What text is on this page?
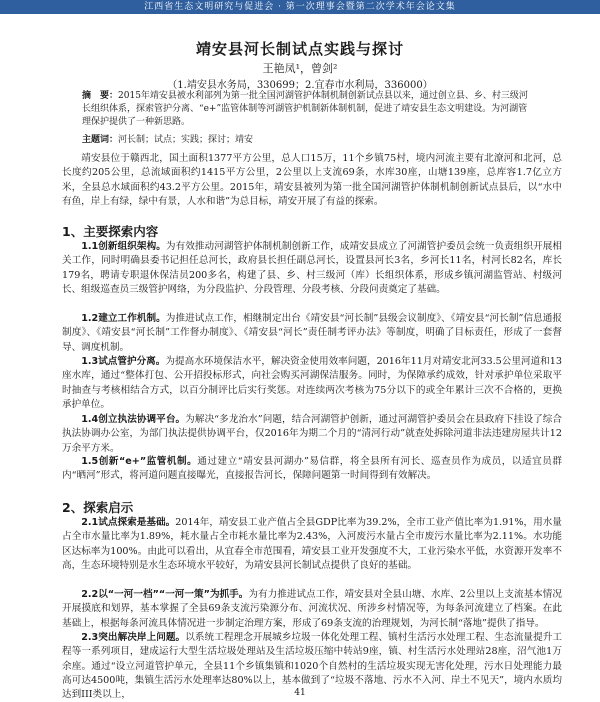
江西省生态文明研究与促进会 · 第一次理事会暨第二次学术年会论文集
靖安县河长制试点实践与探讨
王艳凤¹，曾剑²
（1.靖安县水务局，330699；2.宜春市水利局，336000）
摘　要：2015年靖安县被水利部列为第一批全国河湖管护体制机制创新试点县以来，通过创立县、乡、村三级河长组织体系，探索管护分离、“e+”监管体制等河湖管护机制新体制机制，促进了靖安县生态文明建设。为河湖管理保护提供了一种新思路。
主题词：河长制；试点；实践；探讨；靖安

靖安县位于赣西北，国土面积1377平方公里，总人口15万，11个乡镇75村，境内河流主要有北潦河和北河，总长度约205公里，总流域面积约1415平方公里，2公里以上支流69条，水库30座，山塘139座，总库容1.7亿立方米，全县总水域面积约43.2平方公里。2015年，靖安县被列为第一批全国河湖管护体制机制创新试点县后，以“水中有鱼，岸上有绿，绿中有景，人水和谐”为总目标，靖安开展了有益的探索。

1、主要探索内容

1.1创新组织架构。为有效推动河湖管护体制机制创新工作，成靖安县成立了河湖管护委员会统一负责组织开展相关工作，同时明确县委书记担任总河长，政府县长担任副总河长，设置县河长3名，乡河长11名，村河长82名，库长179名，聘请专职退休保洁员200多名，构建了县、乡、村三级河（库）长组织体系，形成乡镇河湖监管站、村级河长、组级巡查员三级管护网络，为分段监护、分段管理、分段考核、分段问责奠定了基础。

1.2建立工作机制。为推进试点工作，相继制定出台《靖安县“河长制”县级会议制度》、《靖安县“河长制”信息通报制度》、《靖安县“河长制”工作督办制度》、《靖安县“河长”责任制考评办法》等制度，明确了目标责任，形成了一套督导、调度机制。

1.3试点管护分离。为提高水环境保洁水平，解决资金使用效率问题，2016年11月对靖安北河33.5公里河道和13座水库，通过“整体打包、公开招投标形式，向社会购买河湖保洁服务。同时，为保障承约成效，针对承护单位采取平时抽查与考核相结合方式，以百分制评比后实行奖惩。对连续两次考核为75分以下的或全年累计三次不合格的，更换承护单位。

1.4创立执法协调平台。为解决“多龙治水”问题，结合河湖管护创新，通过河湖管护委员会在县政府下挂设了综合执法协调办公室，为部门执法提供协调平台，仅2016年为期二个月的“清河行动”就查处拆除河道非法违建房屋共计12万余平方米。

1.5创新“e+”监管机制。通过建立“靖安县河湖办”易信群，将全县所有河长、巡查员作为成员，以适宜员群内“晒河”形式，将河道问题直接曝光，直接报告河长，保障问题第一时间得到有效解决。

2、探索启示

2.1试点探索是基础。2014年，靖安县工业产值占全县GDP比率为39.2%，全市工业产值比率为1.91%，用水量占全市水量比率为1.89%，耗水量占全市耗水量比率为2.43%，入河废污水量占全市废污水量比率为2.11%。水功能区达标率为100%。由此可以看出，从宜春全市范围看，靖安县工业开发强度不大，工业污染水平低，水资源开发率不高，生态环境特别是水生态环境水平较好，为靖安县河长制试点提供了良好的基础。

2.2以“一河一档”“一河一策”为抓手。为有力推进试点工作，靖安县对全县山塘、水库、2公里以上支流基本情况开展摸底和划界，基本掌握了全县69条支流污染源分布、河流状况、所涉乡村情况等，为每条河流建立了档案。在此基础上，根据每条河流具体情况进一步制定治理方案，形成了69条支流的治理规划，为河长制“落地”提供了指导。

2.3突出解决岸上问题。以系统工程理念开展城乡垃圾一体化处理工程、镇村生活污水处理工程、生态流量提升工程等一系列项目，建成运行大型生活垃圾处理站及生活垃圾压缩中转站9座，镇、村生活污水处理站28座，沼气池1万余座。通过“设立河道管护单元，全县11个乡镇集镇和1020个自然村的生活垃圾实现无害化处理，污水日处理能力最高可达4500吨，集镇生活污水处理率达80%以上，基本做到了“垃圾不落地、污水不入河、岸土不见天”，境内水质均达到III类以上，	41
